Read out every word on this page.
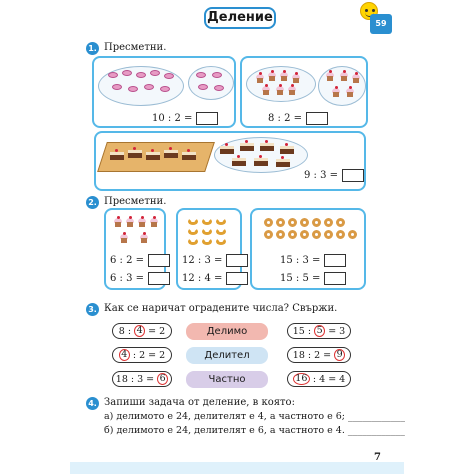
Деление	59
1. Пресметни.
10 : 2 =	8 : 2 =
9 : 3 =
2. Пресметни.
6 : 2 =
6 : 3 =
12 : 3 =
12 : 4 =
15 : 3 =
15 : 5 =
3. Как се наричат оградените числа? Свържи.
8 :
4
= 2
4
: 2 = 2
18 : 3 =
6
Делимо
Делител
Частно
15 :
5
= 3
18 : 2 =
9
16
: 4 = 4
4. Запиши задача от деление, в която:
а) делимото е 24, делителят е 4, а частното е 6; ____________
б) делимото е 24, делителят е 6, а частното е 4. ____________
7
